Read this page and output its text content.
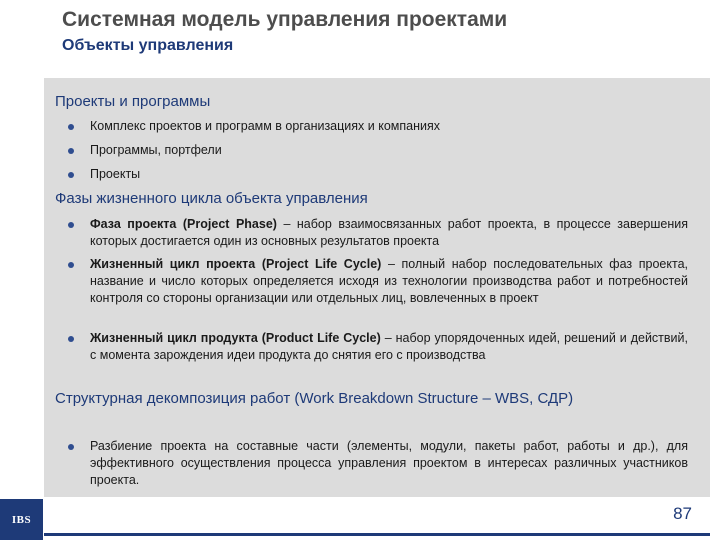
Системная модель управления проектами
Объекты управления
IBS	87
Проекты и программы
Комплекс проектов и программ в организациях и компаниях
Программы, портфели
Проекты
Фазы жизненного цикла объекта управления
Фаза проекта (Project Phase) – набор взаимосвязанных работ проекта, в процессе завершения которых достигается один из основных результатов проекта
Жизненный цикл проекта (Project Life Cycle) – полный набор последовательных фаз проекта, название и число которых определяется исходя из технологии производства работ и потребностей контроля со стороны организации или отдельных лиц, вовлеченных в проект
Жизненный цикл продукта (Product Life Cycle) – набор упорядоченных идей, решений и действий, с момента зарождения идеи продукта до снятия его с производства
Структурная декомпозиция работ (Work Breakdown Structure – WBS, СДР)
Разбиение проекта на составные части (элементы, модули, пакеты работ, работы и др.), для эффективного осуществления процесса управления проектом в интересах различных участников проекта.
